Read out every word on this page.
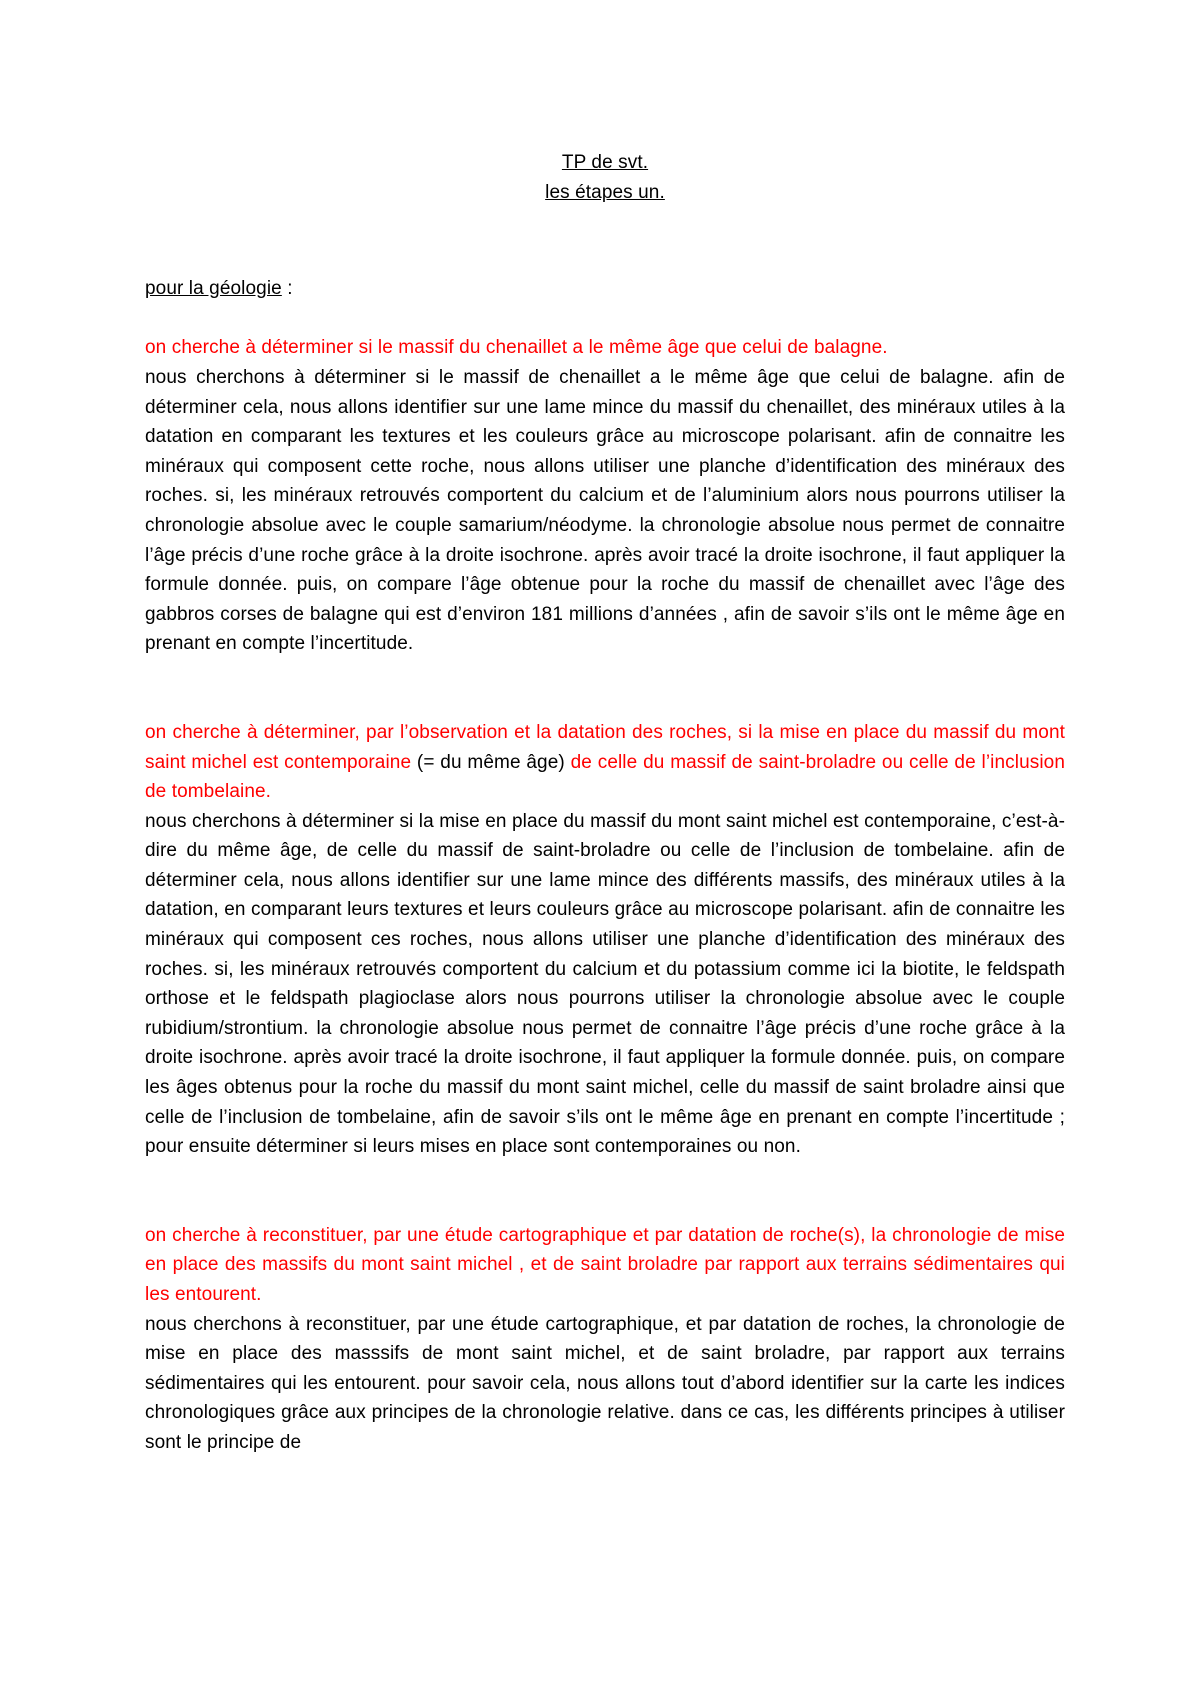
TP de svt.
les étapes un.

pour la géologie :

on cherche à déterminer si le massif du chenaillet a le même âge que celui de balagne.

nous cherchons à déterminer si le massif de chenaillet a le même âge que celui de balagne. afin de déterminer cela, nous allons identifier sur une lame mince du massif du chenaillet, des minéraux utiles à la datation en comparant les textures et les couleurs grâce au microscope polarisant. afin de connaitre les minéraux qui composent cette roche, nous allons utiliser une planche d’identification des minéraux des roches. si, les minéraux retrouvés comportent du calcium et de l’aluminium alors nous pourrons utiliser la chronologie absolue avec le couple samarium/néodyme. la chronologie absolue nous permet de connaitre l’âge précis d’une roche grâce à la droite isochrone. après avoir tracé la droite isochrone, il faut appliquer la formule donnée. puis, on compare l’âge obtenue pour la roche du massif de chenaillet avec l’âge des gabbros corses de balagne qui est d’environ 181 millions d’années , afin de savoir s’ils ont le même âge en prenant en compte l’incertitude.

on cherche à déterminer, par l’observation et la datation des roches, si la mise en place du massif du mont saint michel est contemporaine (= du même âge) de celle du massif de saint-broladre ou celle de l’inclusion de tombelaine.

nous cherchons à déterminer si la mise en place du massif du mont saint michel est contemporaine, c’est-à-dire du même âge, de celle du massif de saint-broladre ou celle de l’inclusion de tombelaine. afin de déterminer cela, nous allons identifier sur une lame mince des différents massifs, des minéraux utiles à la datation, en comparant leurs textures et leurs couleurs grâce au microscope polarisant. afin de connaitre les minéraux qui composent ces roches, nous allons utiliser une planche d’identification des minéraux des roches. si, les minéraux retrouvés comportent du calcium et du potassium comme ici la biotite, le feldspath orthose et le feldspath plagioclase alors nous pourrons utiliser la chronologie absolue avec le couple rubidium/strontium. la chronologie absolue nous permet de connaitre l’âge précis d’une roche grâce à la droite isochrone. après avoir tracé la droite isochrone, il faut appliquer la formule donnée. puis, on compare les âges obtenus pour la roche du massif du mont saint michel, celle du massif de saint broladre ainsi que celle de l’inclusion de tombelaine, afin de savoir s’ils ont le même âge en prenant en compte l’incertitude ; pour ensuite déterminer si leurs mises en place sont contemporaines ou non.

on cherche à reconstituer, par une étude cartographique et par datation de roche(s), la chronologie de mise en place des massifs du mont saint michel , et de saint broladre par rapport aux terrains sédimentaires qui les entourent.

nous cherchons à reconstituer, par une étude cartographique, et par datation de roches, la chronologie de mise en place des masssifs de mont saint michel, et de saint broladre, par rapport aux terrains sédimentaires qui les entourent. pour savoir cela, nous allons tout d’abord identifier sur la carte les indices chronologiques grâce aux principes de la chronologie relative. dans ce cas, les différents principes à utiliser sont le principe de
